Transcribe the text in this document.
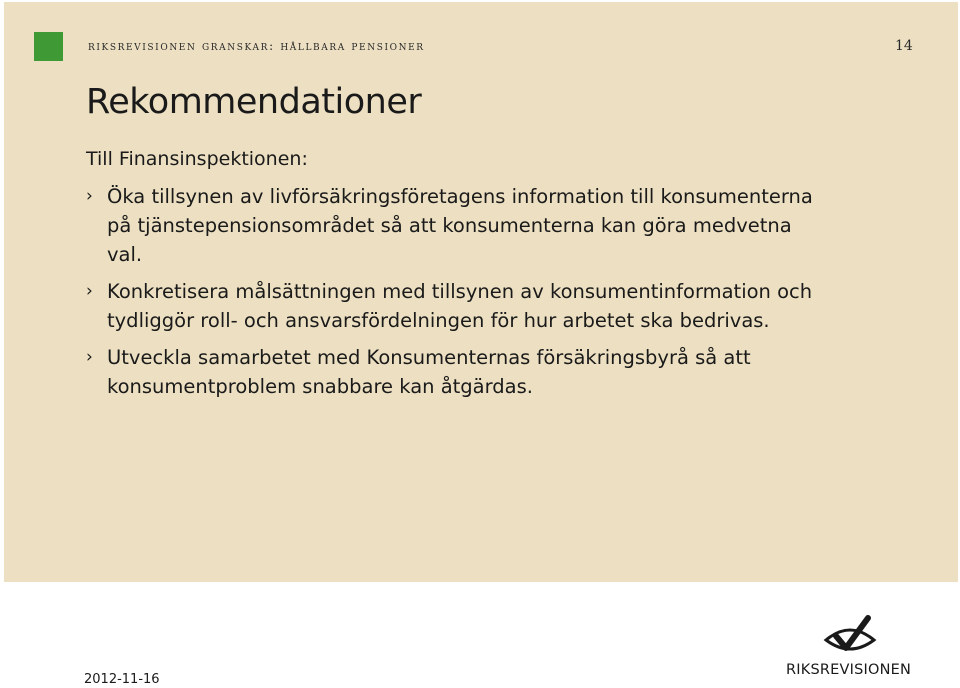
riksrevisionen granskar: hållbara pensioner	14
Rekommendationer
Till Finansinspektionen:
› Öka tillsynen av livförsäkringsföretagens information till konsumenterna
på tjänstepensionsområdet så att konsumenterna kan göra medvetna
val.
› Konkretisera målsättningen med tillsynen av konsumentinformation och
tydliggör roll- och ansvarsfördelningen för hur arbetet ska bedrivas.
› Utveckla samarbetet med Konsumenternas försäkringsbyrå så att
konsumentproblem snabbare kan åtgärdas.
2012-11-16
RIKSREVISIONEN
